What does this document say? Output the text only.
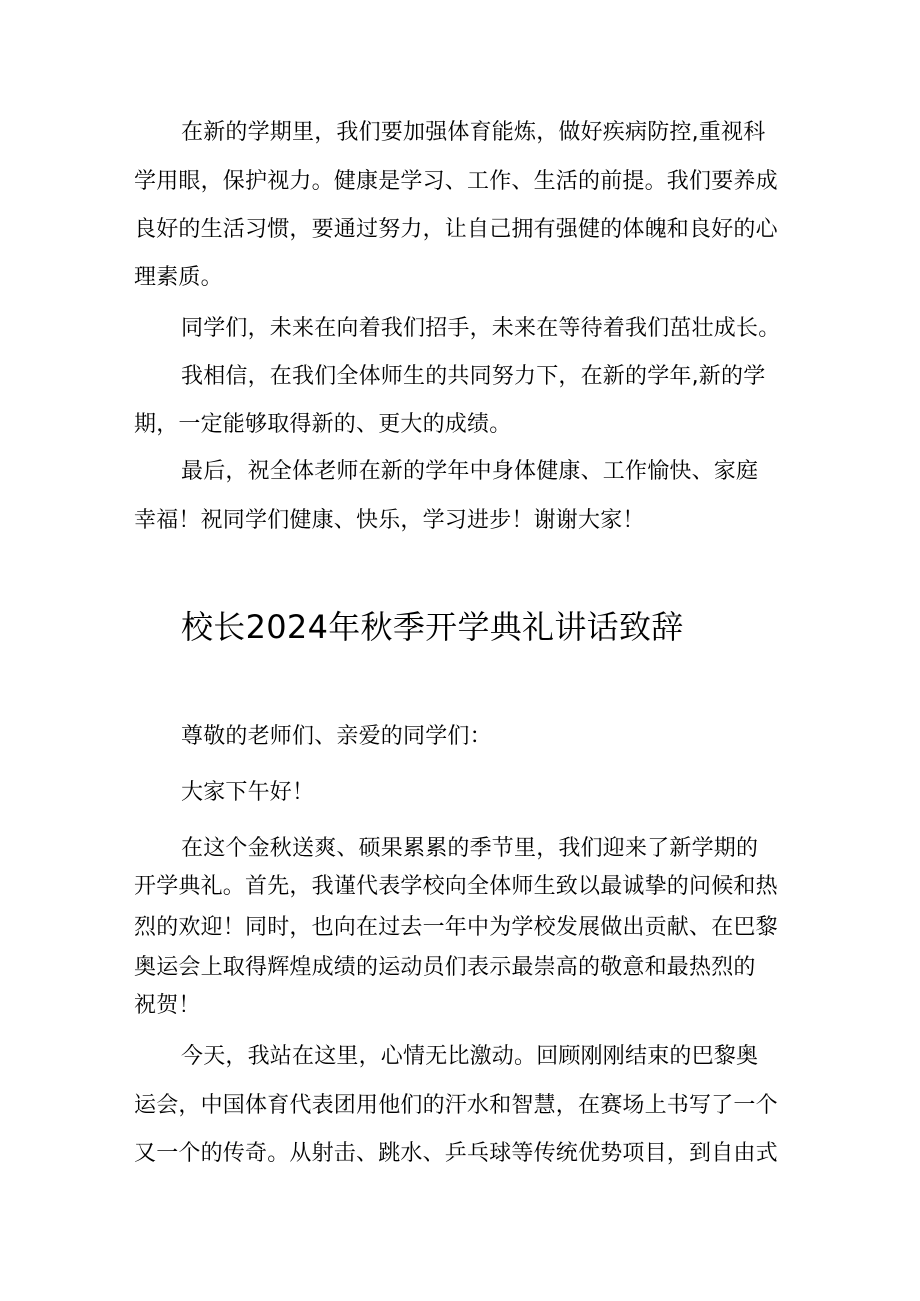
在新的学期里，我们要加强体育能炼，做好疾病防控,重视科
学用眼，保护视力。健康是学习、工作、生活的前提。我们要养成
良好的生活习惯，要通过努力，让自己拥有强健的体魄和良好的心
理素质。
同学们，未来在向着我们招手，未来在等待着我们茁壮成长。
我相信，在我们全体师生的共同努力下，在新的学年,新的学
期，一定能够取得新的、更大的成绩。
最后，祝全体老师在新的学年中身体健康、工作愉快、家庭
幸福！祝同学们健康、快乐，学习进步！谢谢大家！
校长2024年秋季开学典礼讲话致辞
尊敬的老师们、亲爱的同学们：
大家下午好！
在这个金秋送爽、硕果累累的季节里，我们迎来了新学期的
开学典礼。首先，我谨代表学校向全体师生致以最诚挚的问候和热
烈的欢迎！同时，也向在过去一年中为学校发展做出贡献、在巴黎
奥运会上取得辉煌成绩的运动员们表示最崇高的敬意和最热烈的
祝贺！
今天，我站在这里，心情无比激动。回顾刚刚结束的巴黎奥
运会，中国体育代表团用他们的汗水和智慧，在赛场上书写了一个
又一个的传奇。从射击、跳水、乒乓球等传统优势项目，到自由式
